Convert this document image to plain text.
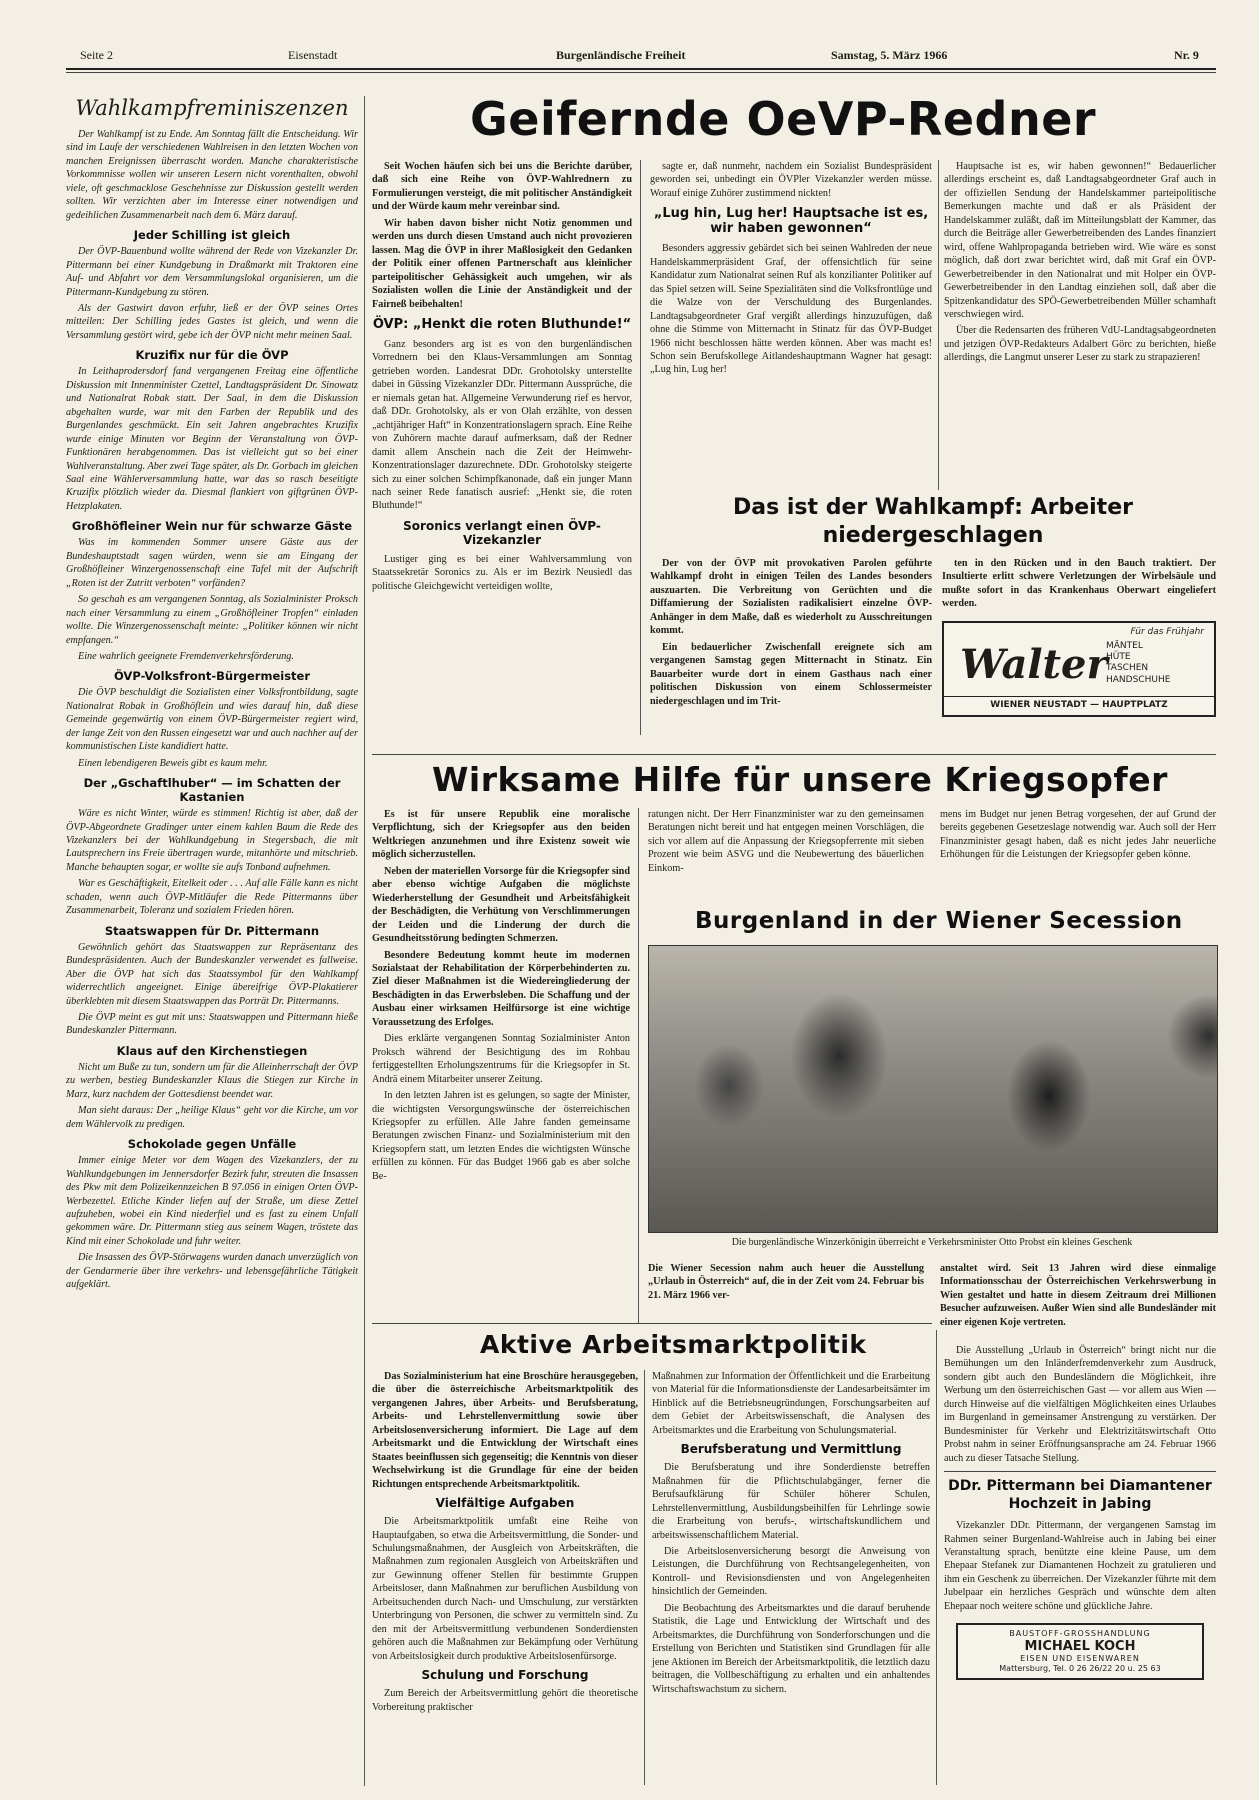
Seite 2	Eisenstadt	Burgenländische Freiheit	Samstag, 5. März 1966	Nr. 9
Wahlkampfreminiszenzen

Der Wahlkampf ist zu Ende. Am Sonntag fällt die Entscheidung. Wir sind im Laufe der verschiedenen Wahlreisen in den letzten Wochen von manchen Ereignissen überrascht worden. Manche charakteristische Vorkommnisse wollen wir unseren Lesern nicht vorenthalten, obwohl viele, oft geschmacklose Geschehnisse zur Diskussion gestellt werden sollten. Wir verzichten aber im Interesse einer notwendigen und gedeihlichen Zusammenarbeit nach dem 6. März darauf.

Jeder Schilling ist gleich

Der ÖVP-Bauenbund wollte während der Rede von Vizekanzler Dr. Pittermann bei einer Kundgebung in Draßmarkt mit Traktoren eine Auf- und Abfahrt vor dem Versammlungslokal organisieren, um die Pittermann-Kundgebung zu stören.

Als der Gastwirt davon erfuhr, ließ er der ÖVP seines Ortes mitteilen: Der Schilling jedes Gastes ist gleich, und wenn die Versammlung gestört wird, gebe ich der ÖVP nicht mehr meinen Saal.

Kruzifix nur für die ÖVP

In Leithaprodersdorf fand vergangenen Freitag eine öffentliche Diskussion mit Innenminister Czettel, Landtagspräsident Dr. Sinowatz und Nationalrat Robak statt. Der Saal, in dem die Diskussion abgehalten wurde, war mit den Farben der Republik und des Burgenlandes geschmückt. Ein seit Jahren angebrachtes Kruzifix wurde einige Minuten vor Beginn der Veranstaltung von ÖVP-Funktionären herabgenommen. Das ist vielleicht gut so bei einer Wahlveranstaltung. Aber zwei Tage später, als Dr. Gorbach im gleichen Saal eine Wählerversammlung hatte, war das so rasch beseitigte Kruzifix plötzlich wieder da. Diesmal flankiert von giftgrünen ÖVP-Hetzplakaten.

Großhöfleiner Wein nur für schwarze Gäste

Was im kommenden Sommer unsere Gäste aus der Bundeshauptstadt sagen würden, wenn sie am Eingang der Großhöfleiner Winzergenossenschaft eine Tafel mit der Aufschrift „Roten ist der Zutritt verboten“ vorfänden?

So geschah es am vergangenen Sonntag, als Sozialminister Proksch nach einer Versammlung zu einem „Großhöfleiner Tropfen“ einladen wollte. Die Winzergenossenschaft meinte: „Politiker können wir nicht empfangen.“

Eine wahrlich geeignete Fremdenverkehrsförderung.

ÖVP-Volksfront-Bürgermeister

Die ÖVP beschuldigt die Sozialisten einer Volksfrontbildung, sagte Nationalrat Robak in Großhöflein und wies darauf hin, daß diese Gemeinde gegenwärtig von einem ÖVP-Bürgermeister regiert wird, der lange Zeit von den Russen eingesetzt war und auch nachher auf der kommunistischen Liste kandidiert hatte.

Einen lebendigeren Beweis gibt es kaum mehr.

Der „Gschaftlhuber“ — im Schatten der Kastanien

Wäre es nicht Winter, würde es stimmen! Richtig ist aber, daß der ÖVP-Abgeordnete Gradinger unter einem kahlen Baum die Rede des Vizekanzlers bei der Wahlkundgebung in Stegersbach, die mit Lautsprechern ins Freie übertragen wurde, mitanhörte und mitschrieb. Manche behaupten sogar, er wollte sie aufs Tonband aufnehmen.

War es Geschäftigkeit, Eitelkeit oder . . . Auf alle Fälle kann es nicht schaden, wenn auch ÖVP-Mitläufer die Rede Pittermanns über Zusammenarbeit, Toleranz und sozialem Frieden hören.

Staatswappen für Dr. Pittermann

Gewöhnlich gehört das Staatswappen zur Repräsentanz des Bundespräsidenten. Auch der Bundeskanzler verwendet es fallweise. Aber die ÖVP hat sich das Staatssymbol für den Wahlkampf widerrechtlich angeeignet. Einige übereifrige ÖVP-Plakatierer überklebten mit diesem Staatswappen das Porträt Dr. Pittermanns.

Die ÖVP meint es gut mit uns: Staatswappen und Pittermann hieße Bundeskanzler Pittermann.

Klaus auf den Kirchenstiegen

Nicht um Buße zu tun, sondern um für die Alleinherrschaft der ÖVP zu werben, bestieg Bundeskanzler Klaus die Stiegen zur Kirche in Marz, kurz nachdem der Gottesdienst beendet war.

Man sieht daraus: Der „heilige Klaus“ geht vor die Kirche, um vor dem Wählervolk zu predigen.

Schokolade gegen Unfälle

Immer einige Meter vor dem Wagen des Vizekanzlers, der zu Wahlkundgebungen im Jennersdorfer Bezirk fuhr, streuten die Insassen des Pkw mit dem Polizeikennzeichen B 97.056 in einigen Orten ÖVP-Werbezettel. Etliche Kinder liefen auf der Straße, um diese Zettel aufzuheben, wobei ein Kind niederfiel und es fast zu einem Unfall gekommen wäre. Dr. Pittermann stieg aus seinem Wagen, tröstete das Kind mit einer Schokolade und fuhr weiter.

Die Insassen des ÖVP-Störwagens wurden danach unverzüglich von der Gendarmerie über ihre verkehrs- und lebensgefährliche Tätigkeit aufgeklärt.

Geifernde OeVP-Redner

Seit Wochen häufen sich bei uns die Berichte darüber, daß sich eine Reihe von ÖVP-Wahlrednern zu Formulierungen versteigt, die mit politischer Anständigkeit und der Würde kaum mehr vereinbar sind.

Wir haben davon bisher nicht Notiz genommen und werden uns durch diesen Umstand auch nicht provozieren lassen. Mag die ÖVP in ihrer Maßlosigkeit den Gedanken der Politik einer offenen Partnerschaft aus kleinlicher parteipolitischer Gehässigkeit auch umgehen, wir als Sozialisten wollen die Linie der Anständigkeit und der Fairneß beibehalten!

ÖVP: „Henkt die roten Bluthunde!“

Ganz besonders arg ist es von den burgenländischen Vorrednern bei den Klaus-Versammlungen am Sonntag getrieben worden. Landesrat DDr. Grohotolsky unterstellte dabei in Güssing Vizekanzler DDr. Pittermann Aussprüche, die er niemals getan hat. Allgemeine Verwunderung rief es hervor, daß DDr. Grohotolsky, als er von Olah erzählte, von dessen „achtjähriger Haft“ in Konzentrationslagern sprach. Eine Reihe von Zuhörern machte darauf aufmerksam, daß der Redner damit allem Anschein nach die Zeit der Heimwehr-Konzentrationslager dazurechnete. DDr. Grohotolsky steigerte sich zu einer solchen Schimpfkanonade, daß ein junger Mann nach seiner Rede fanatisch ausrief: „Henkt sie, die roten Bluthunde!“

Soronics verlangt einen ÖVP-Vizekanzler

Lustiger ging es bei einer Wahlversammlung von Staatssekretär Soronics zu. Als er im Bezirk Neusiedl das politische Gleichgewicht verteidigen wollte,

sagte er, daß nunmehr, nachdem ein Sozialist Bundespräsident geworden sei, unbedingt ein ÖVPler Vizekanzler werden müsse. Worauf einige Zuhörer zustimmend nickten!

„Lug hin, Lug her! Hauptsache ist es, wir haben gewonnen“

Besonders aggressiv gebärdet sich bei seinen Wahlreden der neue Handelskammerpräsident Graf, der offensichtlich für seine Kandidatur zum Nationalrat seinen Ruf als konzilianter Politiker auf das Spiel setzen will. Seine Spezialitäten sind die Volksfrontlüge und die Walze von der Verschuldung des Burgenlandes. Landtagsabgeordneter Graf vergißt allerdings hinzuzufügen, daß ohne die Stimme von Mitternacht in Stinatz für das ÖVP-Budget 1966 nicht beschlossen hätte werden können. Aber was macht es! Schon sein Berufskollege Aitlandeshauptmann Wagner hat gesagt: „Lug hin, Lug her!

Hauptsache ist es, wir haben gewonnen!“ Bedauerlicher allerdings erscheint es, daß Landtagsabgeordneter Graf auch in der offiziellen Sendung der Handelskammer parteipolitische Bemerkungen machte und daß er als Präsident der Handelskammer zuläßt, daß im Mitteilungsblatt der Kammer, das durch die Beiträge aller Gewerbetreibenden des Landes finanziert wird, offene Wahlpropaganda betrieben wird. Wie wäre es sonst möglich, daß dort zwar berichtet wird, daß mit Graf ein ÖVP-Gewerbetreibender in den Nationalrat und mit Holper ein ÖVP-Gewerbetreibender in den Landtag einziehen soll, daß aber die Spitzenkandidatur des SPÖ-Gewerbetreibenden Müller schamhaft verschwiegen wird.

Über die Redensarten des früheren VdU-Landtagsabgeordneten und jetzigen ÖVP-Redakteurs Adalbert Görc zu berichten, hieße allerdings, die Langmut unserer Leser zu stark zu strapazieren!

Das ist der Wahlkampf: Arbeiter niedergeschlagen

Der von der ÖVP mit provokativen Parolen geführte Wahlkampf droht in einigen Teilen des Landes besonders auszuarten. Die Verbreitung von Gerüchten und die Diffamierung der Sozialisten radikalisiert einzelne ÖVP-Anhänger in dem Maße, daß es wiederholt zu Ausschreitungen kommt.

Ein bedauerlicher Zwischenfall ereignete sich am vergangenen Samstag gegen Mitternacht in Stinatz. Ein Bauarbeiter wurde dort in einem Gasthaus nach einer politischen Diskussion von einem Schlossermeister niedergeschlagen und im Trit-

ten in den Rücken und in den Bauch traktiert. Der Insultierte erlitt schwere Verletzungen der Wirbelsäule und mußte sofort in das Krankenhaus Oberwart eingeliefert werden.

Für das Frühjahr
Walter
MÄNTEL
HÜTE
TASCHEN
HANDSCHUHE
WIENER NEUSTADT — HAUPTPLATZ
Wirksame Hilfe für unsere Kriegsopfer

Es ist für unsere Republik eine moralische Verpflichtung, sich der Kriegsopfer aus den beiden Weltkriegen anzunehmen und ihre Existenz soweit wie möglich sicherzustellen.

Neben der materiellen Vorsorge für die Kriegsopfer sind aber ebenso wichtige Aufgaben die möglichste Wiederherstellung der Gesundheit und Arbeitsfähigkeit der Beschädigten, die Verhütung von Verschlimmerungen der Leiden und die Linderung der durch die Gesundheitsstörung bedingten Schmerzen.

Besondere Bedeutung kommt heute im modernen Sozialstaat der Rehabilitation der Körperbehinderten zu. Ziel dieser Maßnahmen ist die Wiedereingliederung der Beschädigten in das Erwerbsleben. Die Schaffung und der Ausbau einer wirksamen Heilfürsorge ist eine wichtige Voraussetzung des Erfolges.

Dies erklärte vergangenen Sonntag Sozialminister Anton Proksch während der Besichtigung des im Rohbau fertiggestellten Erholungszentrums für die Kriegsopfer in St. Andrä einem Mitarbeiter unserer Zeitung.

In den letzten Jahren ist es gelungen, so sagte der Minister, die wichtigsten Versorgungswünsche der österreichischen Kriegsopfer zu erfüllen. Alle Jahre fanden gemeinsame Beratungen zwischen Finanz- und Sozialministerium mit den Kriegsopfern statt, um letzten Endes die wichtigsten Wünsche erfüllen zu können. Für das Budget 1966 gab es aber solche Be-

ratungen nicht. Der Herr Finanzminister war zu den gemeinsamen Beratungen nicht bereit und hat entgegen meinen Vorschlägen, die sich vor allem auf die Anpassung der Kriegsopferrente mit sieben Prozent wie beim ASVG und die Neubewertung des bäuerlichen Einkom-

mens im Budget nur jenen Betrag vorgesehen, der auf Grund der bereits gegebenen Gesetzeslage notwendig war. Auch soll der Herr Finanzminister gesagt haben, daß es nicht jedes Jahr neuerliche Erhöhungen für die Leistungen der Kriegsopfer geben könne.

Burgenland in der Wiener Secession
Die burgenländische Winzerkönigin überreicht e Verkehrsminister Otto Probst ein kleines Geschenk

Die Wiener Secession nahm auch heuer die Ausstellung „Urlaub in Österreich“ auf, die in der Zeit vom 24. Februar bis 21. März 1966 ver-

anstaltet wird. Seit 13 Jahren wird diese einmalige Informationsschau der Österreichischen Verkehrswerbung in Wien gestaltet und hatte in diesem Zeitraum drei Millionen Besucher aufzuweisen. Außer Wien sind alle Bundesländer mit einer eigenen Koje vertreten.

Aktive Arbeitsmarktpolitik

Das Sozialministerium hat eine Broschüre herausgegeben, die über die österreichische Arbeitsmarktpolitik des vergangenen Jahres, über Arbeits- und Berufsberatung, Arbeits- und Lehrstellenvermittlung sowie über Arbeitslosenversicherung informiert. Die Lage auf dem Arbeitsmarkt und die Entwicklung der Wirtschaft eines Staates beeinflussen sich gegenseitig; die Kenntnis von dieser Wechselwirkung ist die Grundlage für eine der beiden Richtungen entsprechende Arbeitsmarktpolitik.

Vielfältige Aufgaben

Die Arbeitsmarktpolitik umfaßt eine Reihe von Hauptaufgaben, so etwa die Arbeitsvermittlung, die Sonder- und Schulungsmaßnahmen, der Ausgleich von Arbeitskräften, die Maßnahmen zum regionalen Ausgleich von Arbeitskräften und zur Gewinnung offener Stellen für bestimmte Gruppen Arbeitsloser, dann Maßnahmen zur beruflichen Ausbildung von Arbeitsuchenden durch Nach- und Umschulung, zur verstärkten Unterbringung von Personen, die schwer zu vermitteln sind. Zu den mit der Arbeitsvermittlung verbundenen Sonderdiensten gehören auch die Maßnahmen zur Bekämpfung oder Verhütung von Arbeitslosigkeit durch produktive Arbeitslosenfürsorge.

Schulung und Forschung

Zum Bereich der Arbeitsvermittlung gehört die theoretische Vorbereitung praktischer

Maßnahmen zur Information der Öffentlichkeit und die Erarbeitung von Material für die Informationsdienste der Landesarbeitsämter im Hinblick auf die Betriebsneugründungen, Forschungsarbeiten auf dem Gebiet der Arbeitswissenschaft, die Analysen des Arbeitsmarktes und die Erarbeitung von Schulungsmaterial.

Berufsberatung und Vermittlung

Die Berufsberatung und ihre Sonderdienste betreffen Maßnahmen für die Pflichtschulabgänger, ferner die Berufsaufklärung für Schüler höherer Schulen, Lehrstellenvermittlung, Ausbildungsbeihilfen für Lehrlinge sowie die Erarbeitung von berufs-, wirtschaftskundlichem und arbeitswissenschaftlichem Material.

Die Arbeitslosenversicherung besorgt die Anweisung von Leistungen, die Durchführung von Rechtsangelegenheiten, von Kontroll- und Revisionsdiensten und von Angelegenheiten hinsichtlich der Gemeinden.

Die Beobachtung des Arbeitsmarktes und die darauf beruhende Statistik, die Lage und Entwicklung der Wirtschaft und des Arbeitsmarktes, die Durchführung von Sonderforschungen und die Erstellung von Berichten und Statistiken sind Grundlagen für alle jene Aktionen im Bereich der Arbeitsmarktpolitik, die letztlich dazu beitragen, die Vollbeschäftigung zu erhalten und ein anhaltendes Wirtschaftswachstum zu sichern.

Die Ausstellung „Urlaub in Österreich“ bringt nicht nur die Bemühungen um den Inländerfremdenverkehr zum Ausdruck, sondern gibt auch den Bundesländern die Möglichkeit, ihre Werbung um den österreichischen Gast — vor allem aus Wien — durch Hinweise auf die vielfältigen Möglichkeiten eines Urlaubes im Burgenland in gemeinsamer Anstrengung zu verstärken. Der Bundesminister für Verkehr und Elektrizitätswirtschaft Otto Probst nahm in seiner Eröffnungsansprache am 24. Februar 1966 auch zu dieser Tatsache Stellung.

DDr. Pittermann bei Diamantener Hochzeit in Jabing

Vizekanzler DDr. Pittermann, der vergangenen Samstag im Rahmen seiner Burgenland-Wahlreise auch in Jabing bei einer Veranstaltung sprach, benützte eine kleine Pause, um dem Ehepaar Stefanek zur Diamantenen Hochzeit zu gratulieren und ihm ein Geschenk zu überreichen. Der Vizekanzler führte mit dem Jubelpaar ein herzliches Gespräch und wünschte dem alten Ehepaar noch weitere schöne und glückliche Jahre.

BAUSTOFF-GROSSHANDLUNG
MICHAEL KOCH
EISEN UND EISENWAREN
Mattersburg, Tel. 0 26 26/22 20 u. 25 63
